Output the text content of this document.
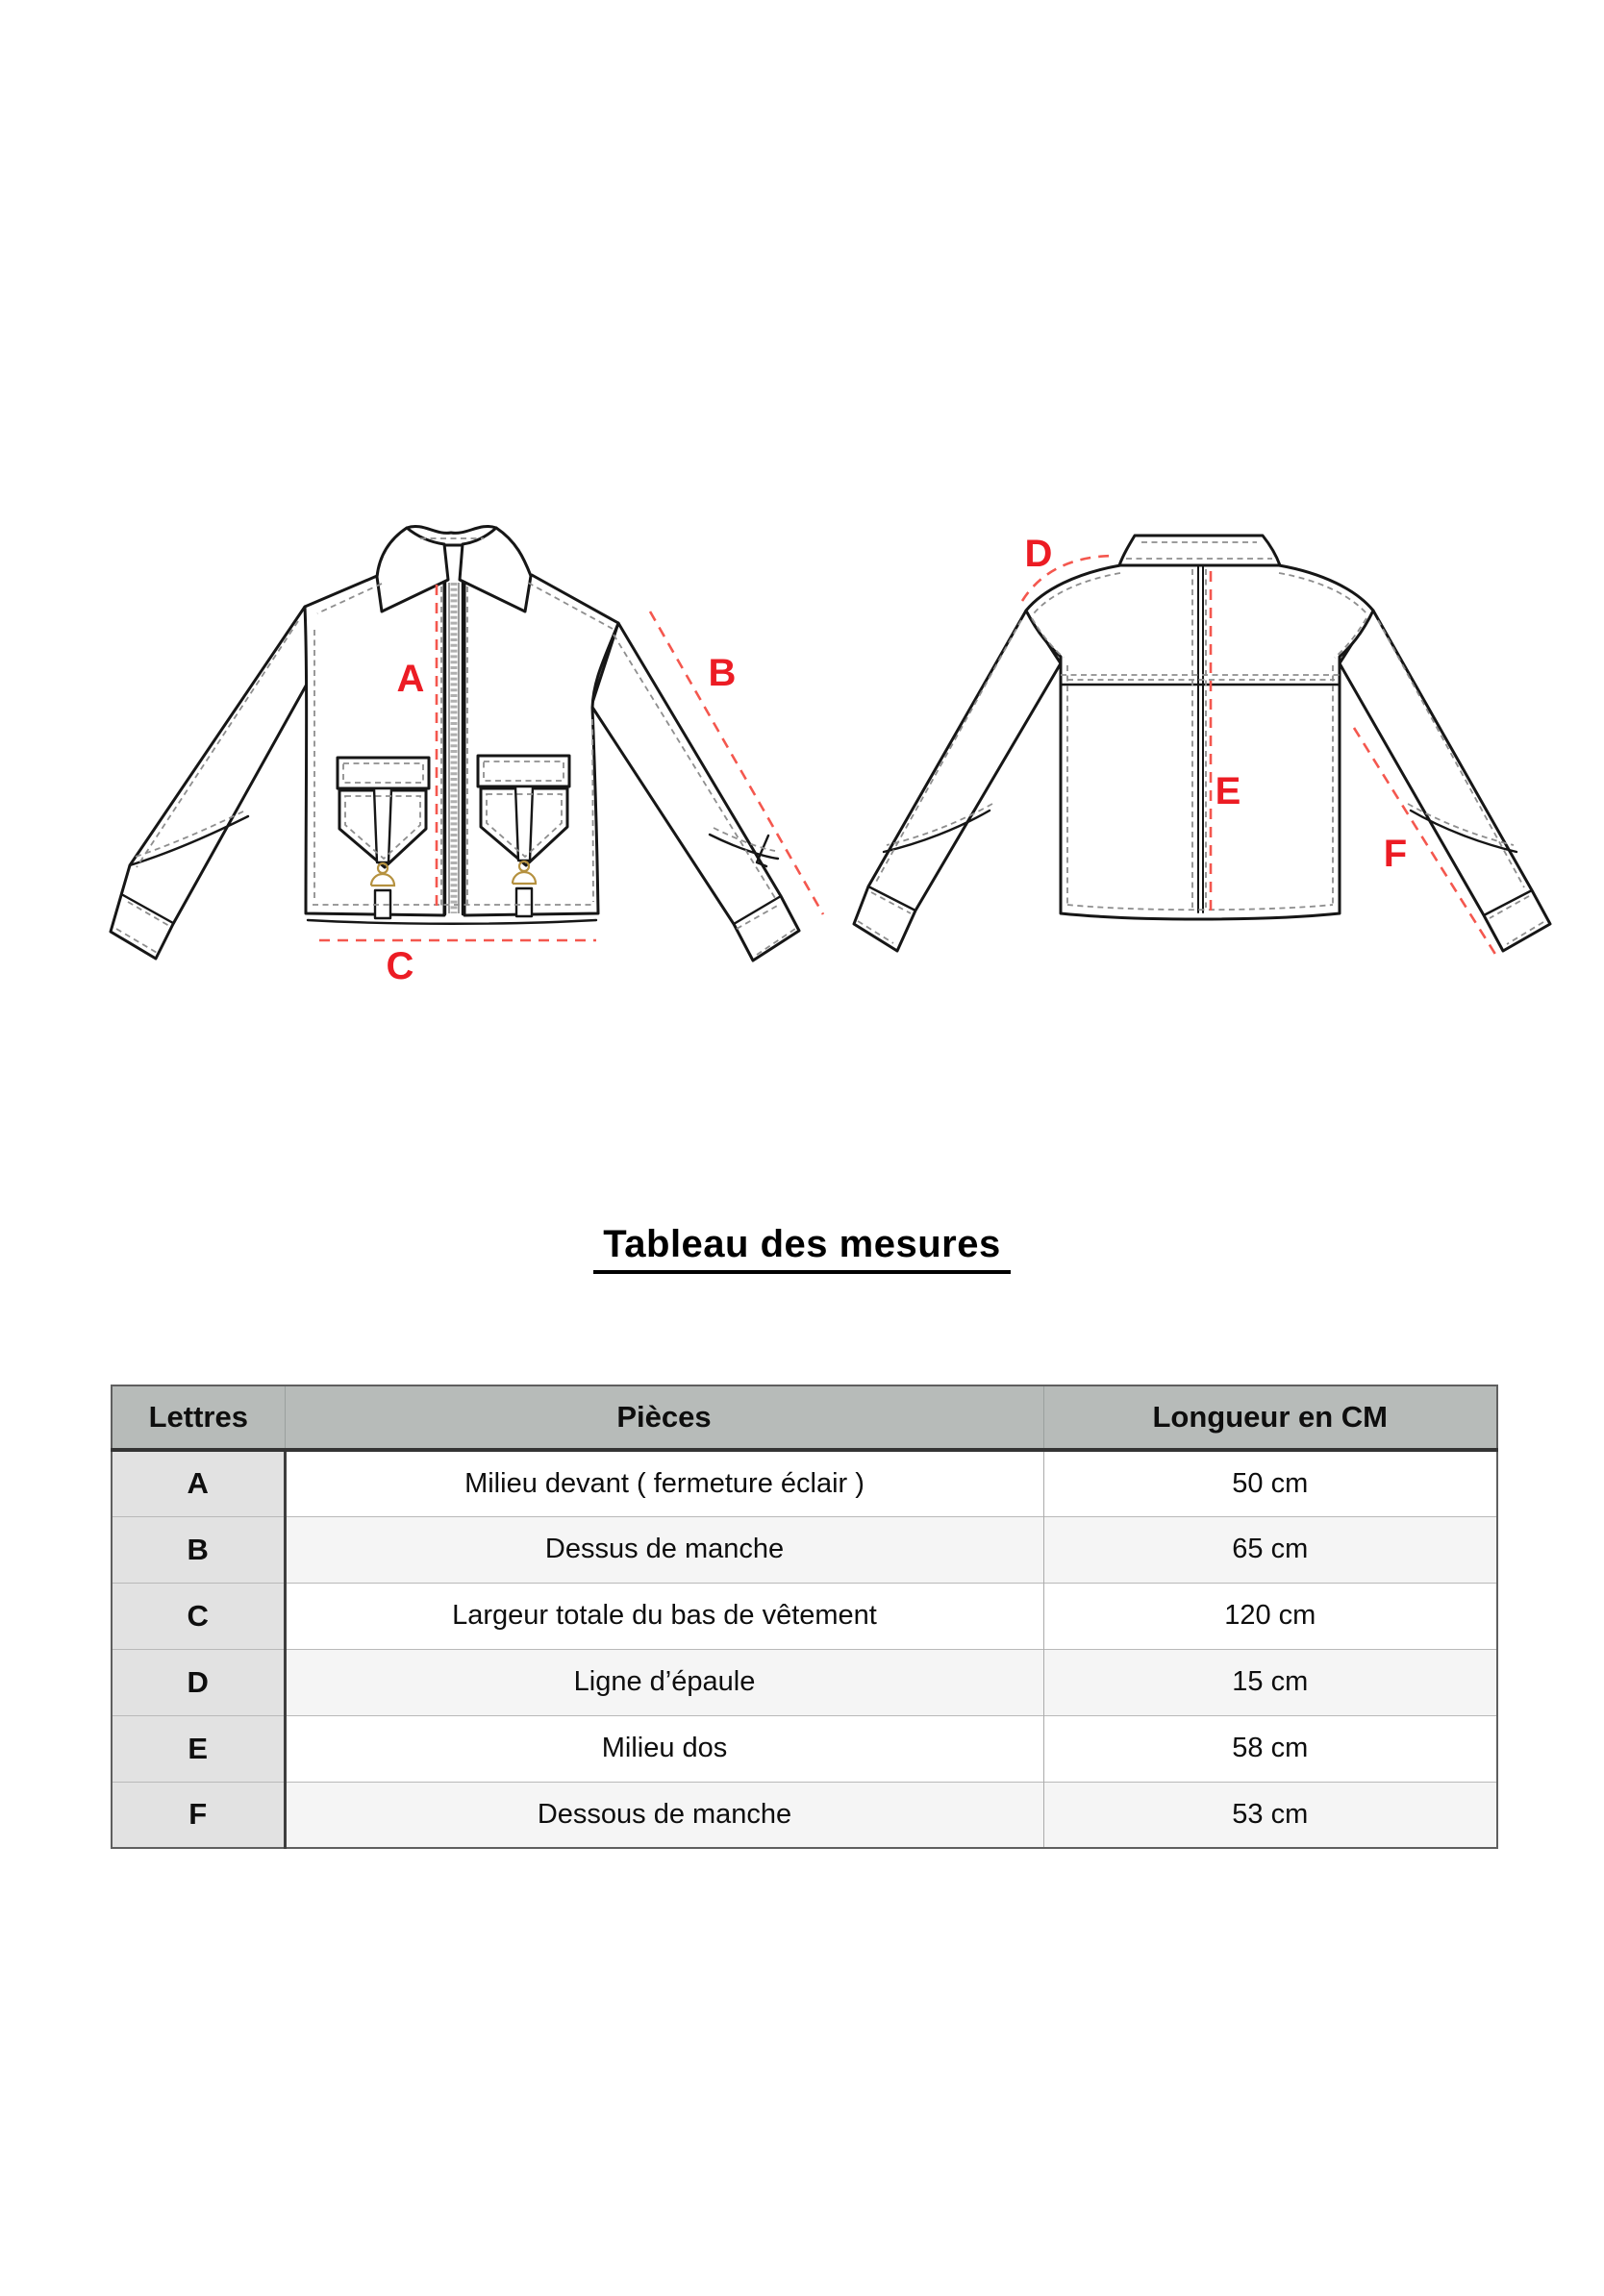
A	B
C
D
E
F
Tableau des mesures
Lettres	Pièces	Longueur en CM
A	Milieu devant ( fermeture éclair )	50 cm
B	Dessus de manche	65 cm
C	Largeur totale du bas de vêtement	120 cm
D	Ligne d’épaule	15 cm
E	Milieu dos	58 cm
F	Dessous de manche	53 cm
